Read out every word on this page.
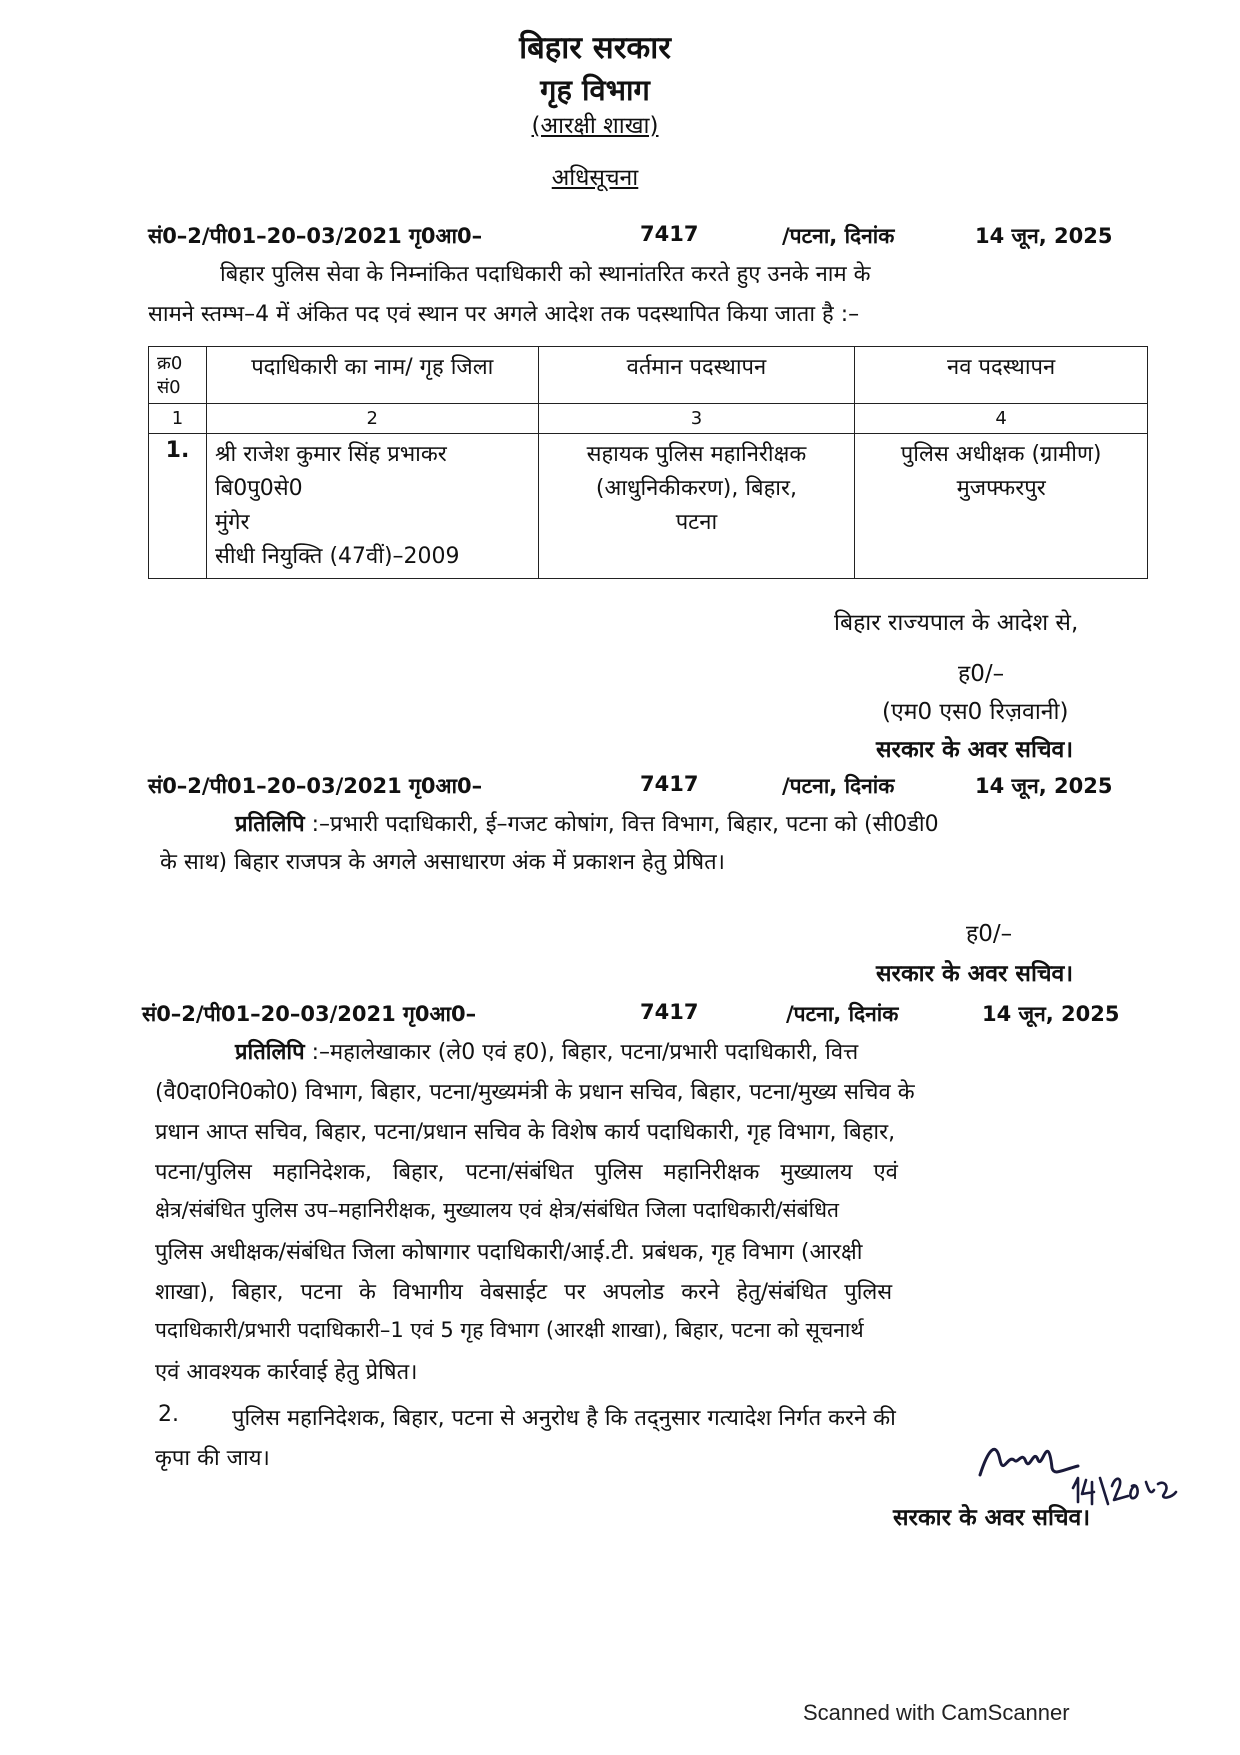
बिहार सरकार
गृह विभाग
(आरक्षी शाखा)
अधिसूचना
सं0–2/पी01–20–03/2021 गृ0आ0–	7417	/पटना, दिनांक	14 जून, 2025
बिहार पुलिस सेवा के निम्नांकित पदाधिकारी को स्थानांतरित करते हुए उनके नाम के
सामने स्तम्भ–4 में अंकित पद एवं स्थान पर अगले आदेश तक पदस्थापित किया जाता है :–
क्र0 सं0	पदाधिकारी का नाम/ गृह जिला	वर्तमान पदस्थापन	नव पदस्थापन
1	2	3	4
1.	श्री राजेश कुमार सिंह प्रभाकर
बि0पु0से0
मुंगेर
सीधी नियुक्ति (47वीं)–2009	सहायक पुलिस महानिरीक्षक
(आधुनिकीकरण), बिहार,
पटना	पुलिस अधीक्षक (ग्रामीण)
मुजफ्फरपुर
बिहार राज्यपाल के आदेश से,
ह0/–
(एम0 एस0 रिज़वानी)
सरकार के अवर सचिव।
सं0–2/पी01–20–03/2021 गृ0आ0–	7417	/पटना, दिनांक	14 जून, 2025
प्रतिलिपि :–प्रभारी पदाधिकारी, ई–गजट कोषांग, वित्त विभाग, बिहार, पटना को (सी0डी0
के साथ) बिहार राजपत्र के अगले असाधारण अंक में प्रकाशन हेतु प्रेषित।
ह0/–
सरकार के अवर सचिव।
सं0–2/पी01–20–03/2021 गृ0आ0–	7417	/पटना, दिनांक	14 जून, 2025
प्रतिलिपि :–महालेखाकार (ले0 एवं ह0), बिहार, पटना/प्रभारी पदाधिकारी, वित्त
(वै0दा0नि0को0) विभाग, बिहार, पटना/मुख्यमंत्री के प्रधान सचिव, बिहार, पटना/मुख्य सचिव के
प्रधान आप्त सचिव, बिहार, पटना/प्रधान सचिव के विशेष कार्य पदाधिकारी, गृह विभाग, बिहार,
पटना/पुलिस महानिदेशक, बिहार, पटना/संबंधित पुलिस महानिरीक्षक मुख्यालय एवं
क्षेत्र/संबंधित पुलिस उप–महानिरीक्षक, मुख्यालय एवं क्षेत्र/संबंधित जिला पदाधिकारी/संबंधित
पुलिस अधीक्षक/संबंधित जिला कोषागार पदाधिकारी/आई.टी. प्रबंधक, गृह विभाग (आरक्षी
शाखा), बिहार, पटना के विभागीय वेबसाईट पर अपलोड करने हेतु/संबंधित पुलिस
पदाधिकारी/प्रभारी पदाधिकारी–1 एवं 5 गृह विभाग (आरक्षी शाखा), बिहार, पटना को सूचनार्थ
एवं आवश्यक कार्रवाई हेतु प्रेषित।
2. पुलिस महानिदेशक, बिहार, पटना से अनुरोध है कि तद्नुसार गत्यादेश निर्गत करने की
कृपा की जाय।
सरकार के अवर सचिव।
Scanned with CamScanner
